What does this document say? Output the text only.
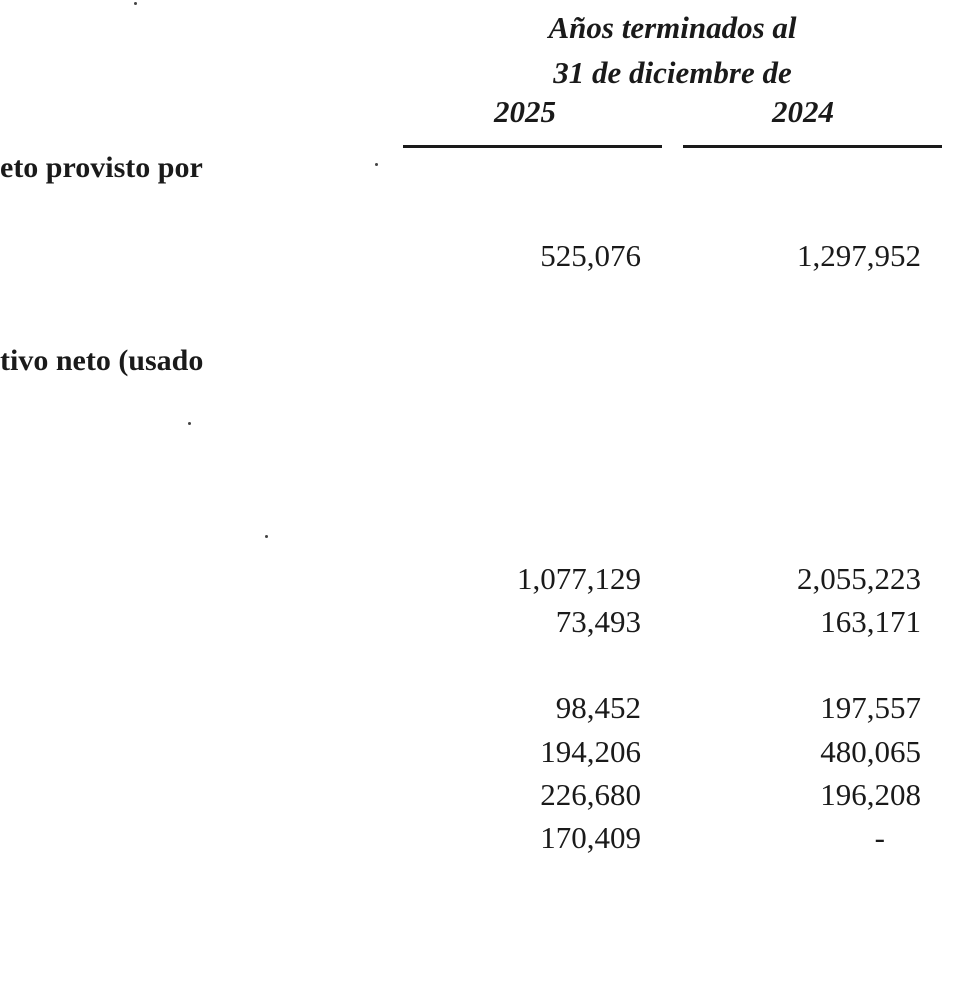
Años terminados al
31 de diciembre de
2025	2024
eto provisto por
tivo neto (usado
525,076	1,297,952
1,077,129	2,055,223
73,493	163,171
98,452	197,557
194,206	480,065
226,680	196,208
170,409	-
